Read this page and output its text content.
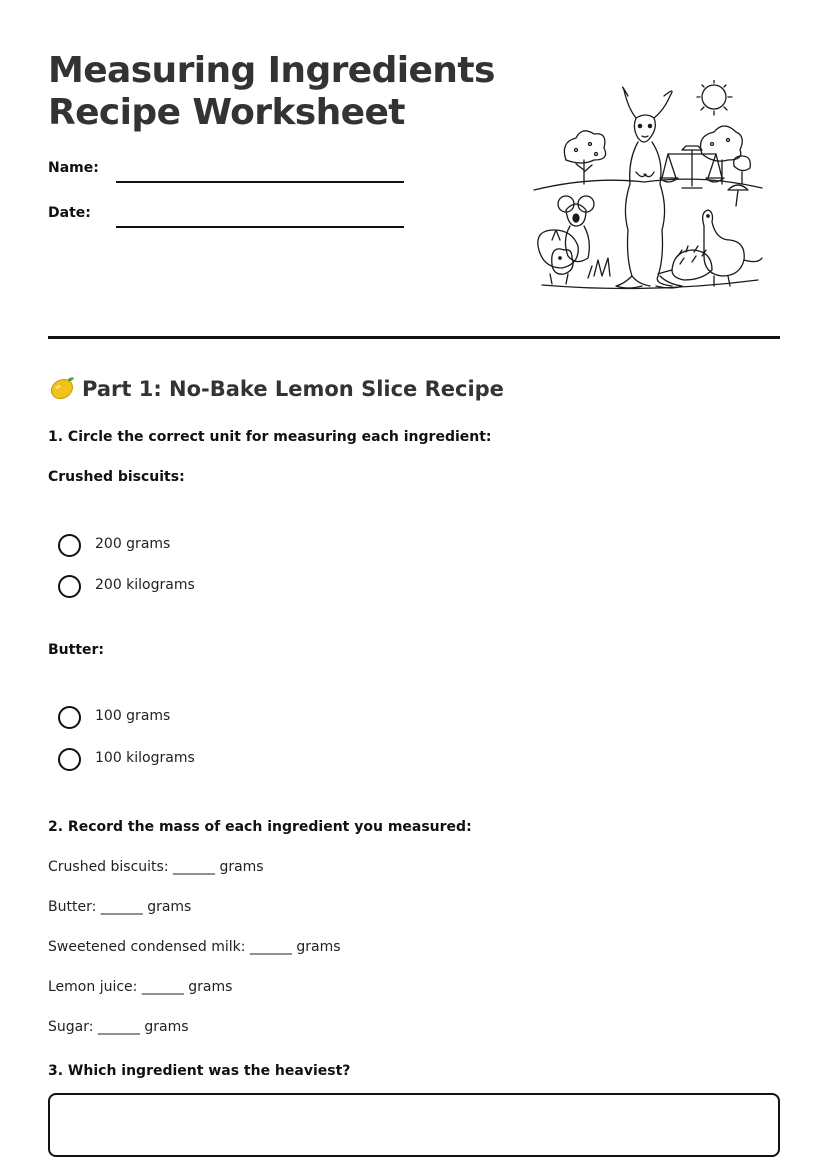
Measuring Ingredients
Recipe Worksheet
Name:
Date:
Part 1: No-Bake Lemon Slice Recipe
1. Circle the correct unit for measuring each ingredient:
Crushed biscuits:
200 grams
200 kilograms
Butter:
100 grams
100 kilograms
2. Record the mass of each ingredient you measured:
Crushed biscuits: ______ grams
Butter: ______ grams
Sweetened condensed milk: ______ grams
Lemon juice: ______ grams
Sugar: ______ grams
3. Which ingredient was the heaviest?
